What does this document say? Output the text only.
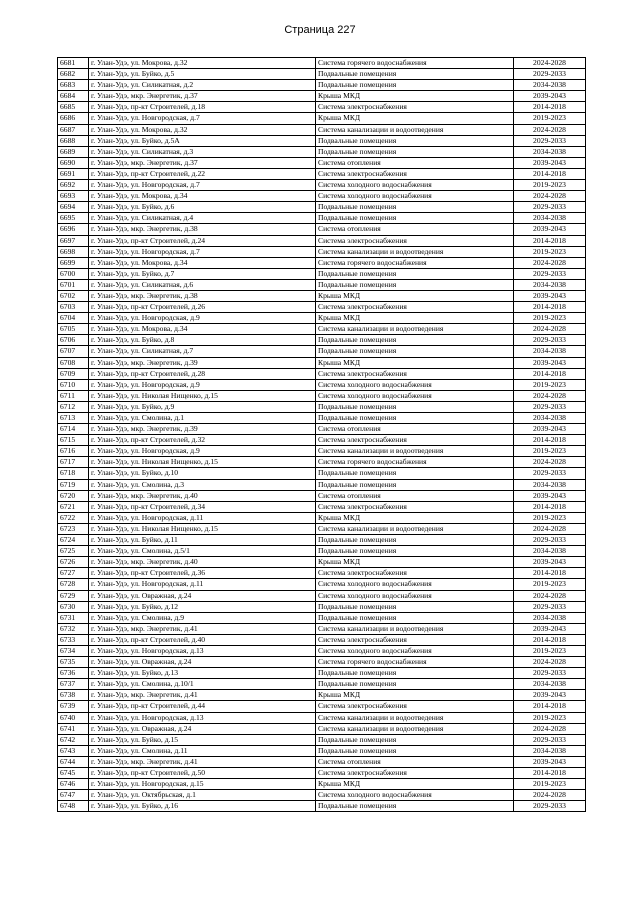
Страница 227
6681	г. Улан-Удэ, ул. Мокрова, д.32	Система горячего водоснабжения	2024-2028
6682	г. Улан-Удэ, ул. Буйко, д.5	Подвальные помещения	2029-2033
6683	г. Улан-Удэ, ул. Силикатная, д.2	Подвальные помещения	2034-2038
6684	г. Улан-Удэ, мкр. Энергетик, д.37	Крыша МКД	2039-2043
6685	г. Улан-Удэ, пр-кт Строителей, д.18	Система электроснабжения	2014-2018
6686	г. Улан-Удэ, ул. Новгородская, д.7	Крыша МКД	2019-2023
6687	г. Улан-Удэ, ул. Мокрова, д.32	Система канализации и водоотведения	2024-2028
6688	г. Улан-Удэ, ул. Буйко, д.5А	Подвальные помещения	2029-2033
6689	г. Улан-Удэ, ул. Силикатная, д.3	Подвальные помещения	2034-2038
6690	г. Улан-Удэ, мкр. Энергетик, д.37	Система отопления	2039-2043
6691	г. Улан-Удэ, пр-кт Строителей, д.22	Система электроснабжения	2014-2018
6692	г. Улан-Удэ, ул. Новгородская, д.7	Система холодного водоснабжения	2019-2023
6693	г. Улан-Удэ, ул. Мокрова, д.34	Система холодного водоснабжения	2024-2028
6694	г. Улан-Удэ, ул. Буйко, д.6	Подвальные помещения	2029-2033
6695	г. Улан-Удэ, ул. Силикатная, д.4	Подвальные помещения	2034-2038
6696	г. Улан-Удэ, мкр. Энергетик, д.38	Система отопления	2039-2043
6697	г. Улан-Удэ, пр-кт Строителей, д.24	Система электроснабжения	2014-2018
6698	г. Улан-Удэ, ул. Новгородская, д.7	Система канализации и водоотведения	2019-2023
6699	г. Улан-Удэ, ул. Мокрова, д.34	Система горячего водоснабжения	2024-2028
6700	г. Улан-Удэ, ул. Буйко, д.7	Подвальные помещения	2029-2033
6701	г. Улан-Удэ, ул. Силикатная, д.6	Подвальные помещения	2034-2038
6702	г. Улан-Удэ, мкр. Энергетик, д.38	Крыша МКД	2039-2043
6703	г. Улан-Удэ, пр-кт Строителей, д.26	Система электроснабжения	2014-2018
6704	г. Улан-Удэ, ул. Новгородская, д.9	Крыша МКД	2019-2023
6705	г. Улан-Удэ, ул. Мокрова, д.34	Система канализации и водоотведения	2024-2028
6706	г. Улан-Удэ, ул. Буйко, д.8	Подвальные помещения	2029-2033
6707	г. Улан-Удэ, ул. Силикатная, д.7	Подвальные помещения	2034-2038
6708	г. Улан-Удэ, мкр. Энергетик, д.39	Крыша МКД	2039-2043
6709	г. Улан-Удэ, пр-кт Строителей, д.28	Система электроснабжения	2014-2018
6710	г. Улан-Удэ, ул. Новгородская, д.9	Система холодного водоснабжения	2019-2023
6711	г. Улан-Удэ, ул. Николая Нищенко, д.15	Система холодного водоснабжения	2024-2028
6712	г. Улан-Удэ, ул. Буйко, д.9	Подвальные помещения	2029-2033
6713	г. Улан-Удэ, ул. Смолина, д.1	Подвальные помещения	2034-2038
6714	г. Улан-Удэ, мкр. Энергетик, д.39	Система отопления	2039-2043
6715	г. Улан-Удэ, пр-кт Строителей, д.32	Система электроснабжения	2014-2018
6716	г. Улан-Удэ, ул. Новгородская, д.9	Система канализации и водоотведения	2019-2023
6717	г. Улан-Удэ, ул. Николая Нищенко, д.15	Система горячего водоснабжения	2024-2028
6718	г. Улан-Удэ, ул. Буйко, д.10	Подвальные помещения	2029-2033
6719	г. Улан-Удэ, ул. Смолина, д.3	Подвальные помещения	2034-2038
6720	г. Улан-Удэ, мкр. Энергетик, д.40	Система отопления	2039-2043
6721	г. Улан-Удэ, пр-кт Строителей, д.34	Система электроснабжения	2014-2018
6722	г. Улан-Удэ, ул. Новгородская, д.11	Крыша МКД	2019-2023
6723	г. Улан-Удэ, ул. Николая Нищенко, д.15	Система канализации и водоотведения	2024-2028
6724	г. Улан-Удэ, ул. Буйко, д.11	Подвальные помещения	2029-2033
6725	г. Улан-Удэ, ул. Смолина, д.5/1	Подвальные помещения	2034-2038
6726	г. Улан-Удэ, мкр. Энергетик, д.40	Крыша МКД	2039-2043
6727	г. Улан-Удэ, пр-кт Строителей, д.36	Система электроснабжения	2014-2018
6728	г. Улан-Удэ, ул. Новгородская, д.11	Система холодного водоснабжения	2019-2023
6729	г. Улан-Удэ, ул. Овражная, д.24	Система холодного водоснабжения	2024-2028
6730	г. Улан-Удэ, ул. Буйко, д.12	Подвальные помещения	2029-2033
6731	г. Улан-Удэ, ул. Смолина, д.9	Подвальные помещения	2034-2038
6732	г. Улан-Удэ, мкр. Энергетик, д.41	Система канализации и водоотведения	2039-2043
6733	г. Улан-Удэ, пр-кт Строителей, д.40	Система электроснабжения	2014-2018
6734	г. Улан-Удэ, ул. Новгородская, д.13	Система холодного водоснабжения	2019-2023
6735	г. Улан-Удэ, ул. Овражная, д.24	Система горячего водоснабжения	2024-2028
6736	г. Улан-Удэ, ул. Буйко, д.13	Подвальные помещения	2029-2033
6737	г. Улан-Удэ, ул. Смолина, д.10/1	Подвальные помещения	2034-2038
6738	г. Улан-Удэ, мкр. Энергетик, д.41	Крыша МКД	2039-2043
6739	г. Улан-Удэ, пр-кт Строителей, д.44	Система электроснабжения	2014-2018
6740	г. Улан-Удэ, ул. Новгородская, д.13	Система канализации и водоотведения	2019-2023
6741	г. Улан-Удэ, ул. Овражная, д.24	Система канализации и водоотведения	2024-2028
6742	г. Улан-Удэ, ул. Буйко, д.15	Подвальные помещения	2029-2033
6743	г. Улан-Удэ, ул. Смолина, д.11	Подвальные помещения	2034-2038
6744	г. Улан-Удэ, мкр. Энергетик, д.41	Система отопления	2039-2043
6745	г. Улан-Удэ, пр-кт Строителей, д.50	Система электроснабжения	2014-2018
6746	г. Улан-Удэ, ул. Новгородская, д.15	Крыша МКД	2019-2023
6747	г. Улан-Удэ, ул. Октябрьская, д.1	Система холодного водоснабжения	2024-2028
6748	г. Улан-Удэ, ул. Буйко, д.16	Подвальные помещения	2029-2033
